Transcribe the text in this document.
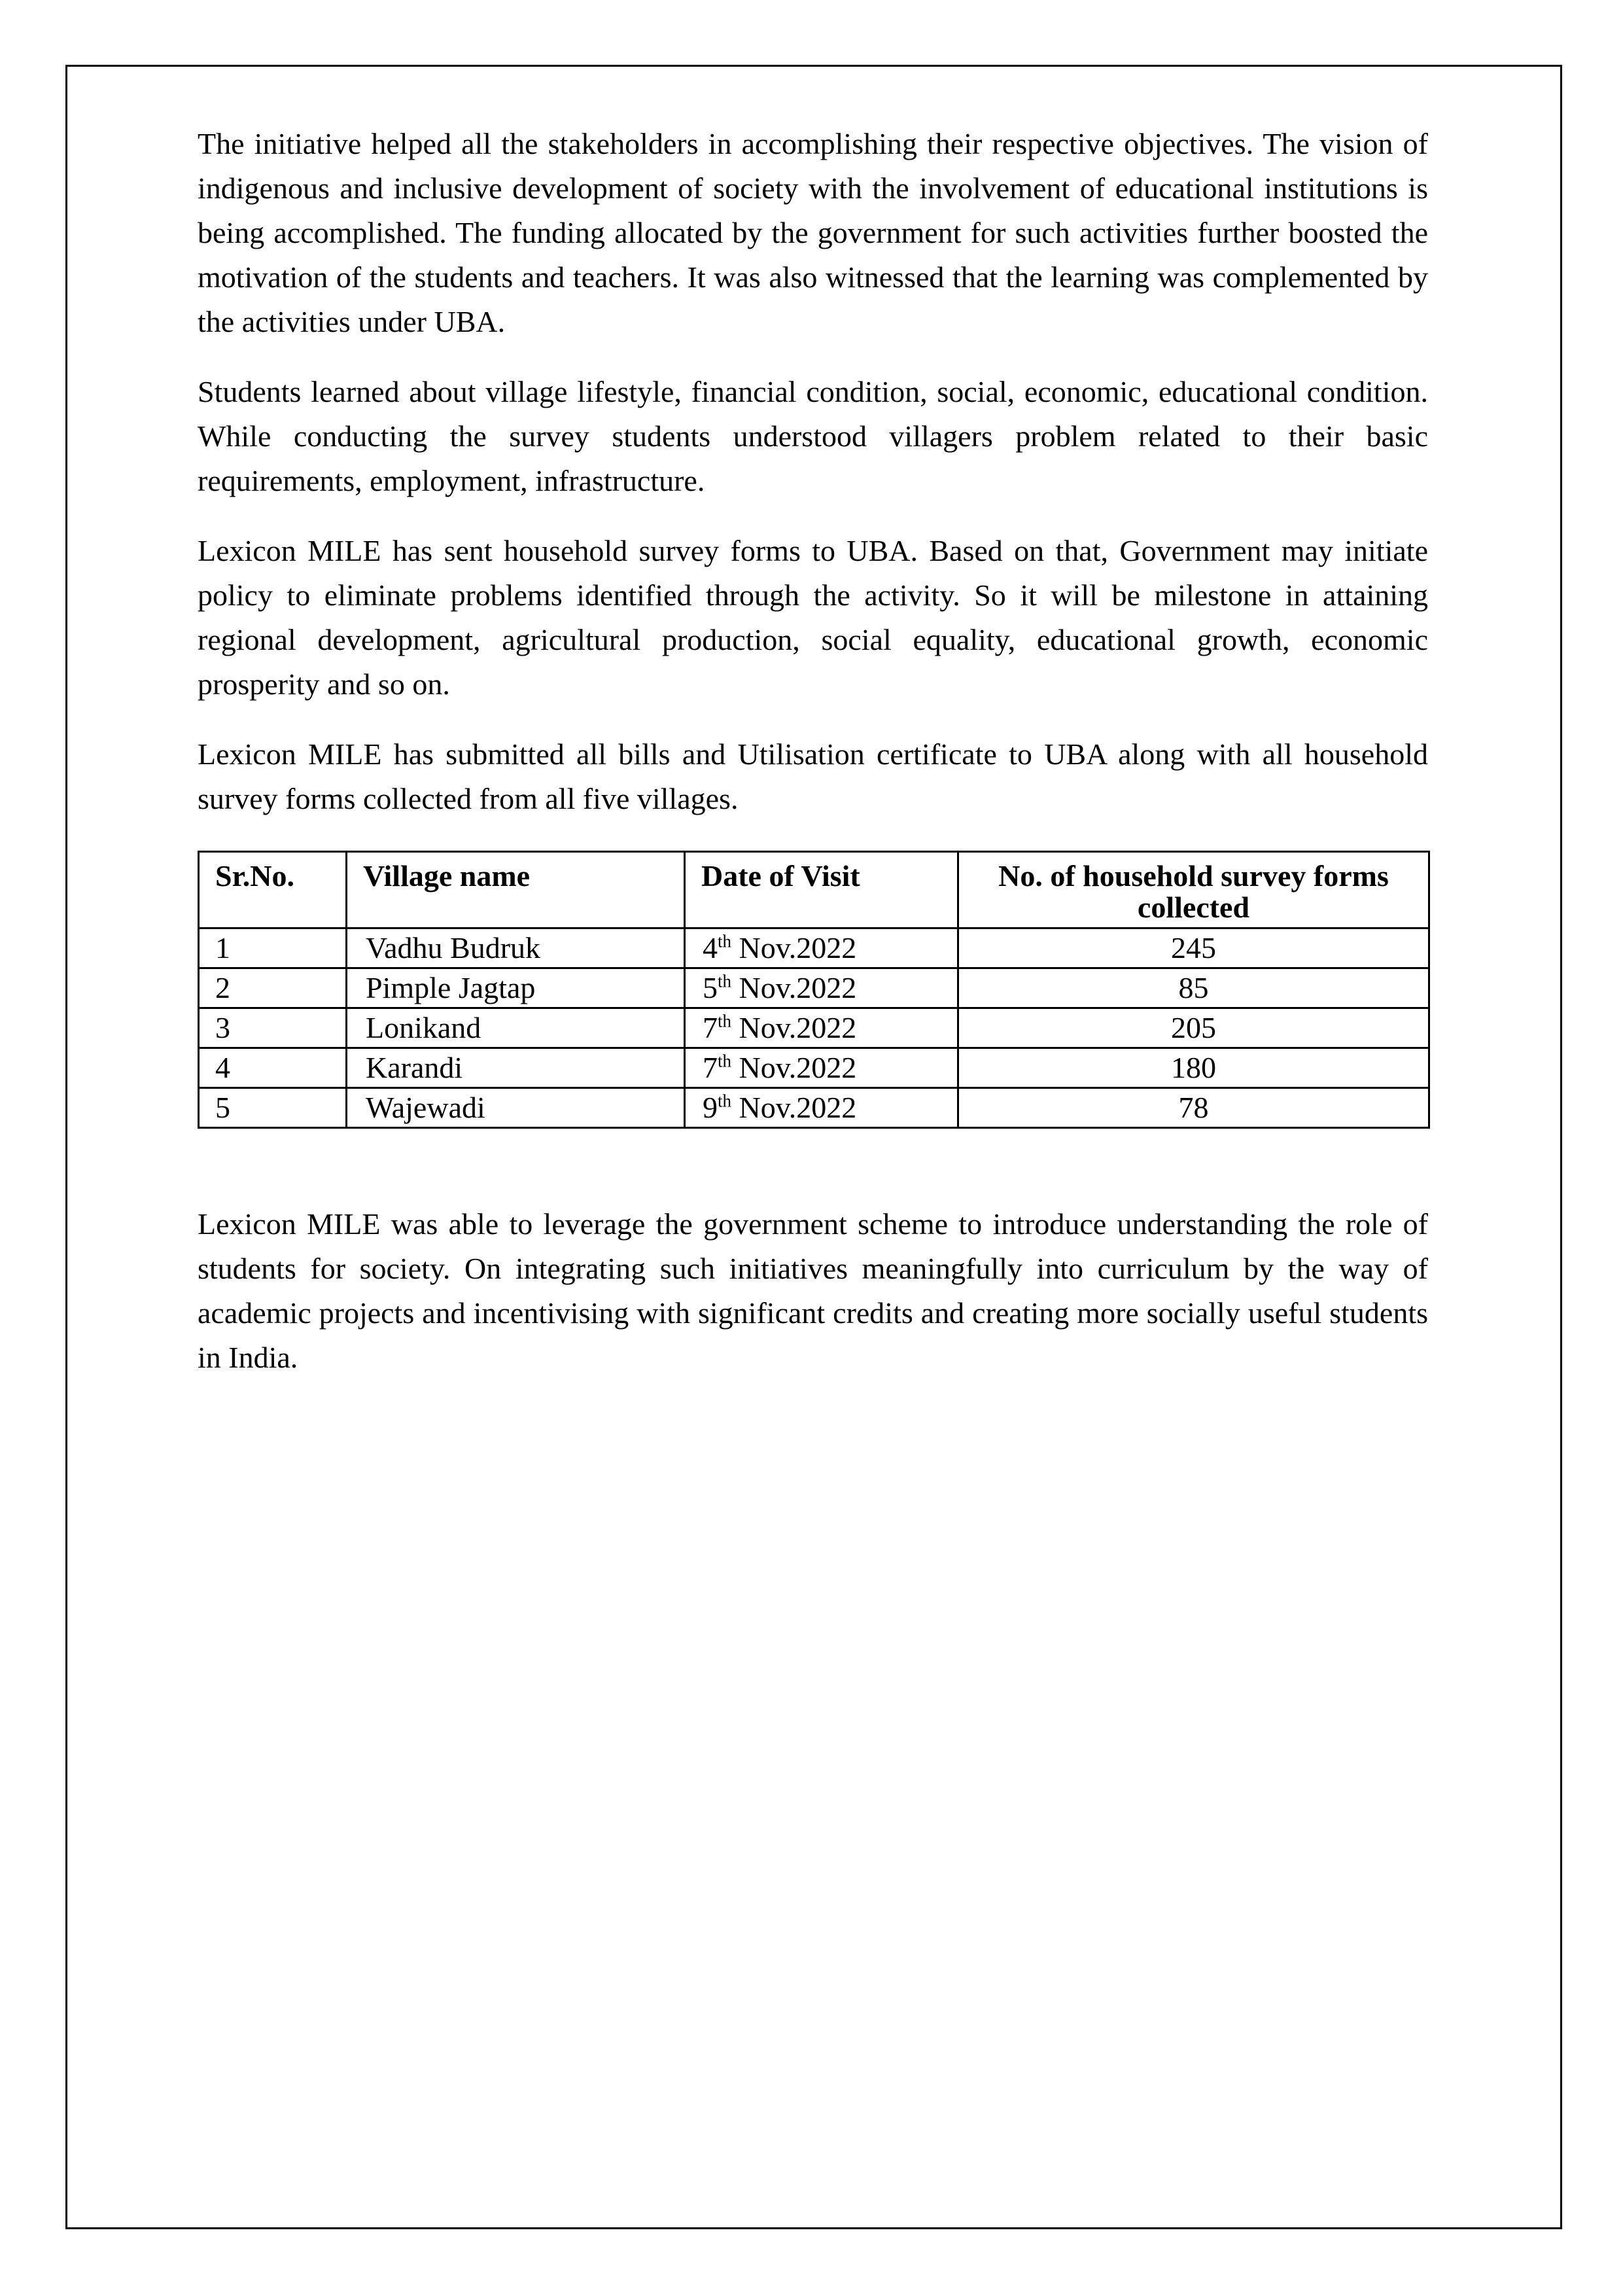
The initiative helped all the stakeholders in accomplishing their respective objectives. The vision of indigenous and inclusive development of society with the involvement of educational institutions is being accomplished. The funding allocated by the government for such activities further boosted the motivation of the students and teachers. It was also witnessed that the learning was complemented by the activities under UBA.

Students learned about village lifestyle, financial condition, social, economic, educational condition. While conducting the survey students understood villagers problem related to their basic requirements, employment, infrastructure.

Lexicon MILE has sent household survey forms to UBA. Based on that, Government may initiate policy to eliminate problems identified through the activity. So it will be milestone in attaining regional development, agricultural production, social equality, educational growth, economic prosperity and so on.

Lexicon MILE has submitted all bills and Utilisation certificate to UBA along with all household survey forms collected from all five villages.

Sr.No.	Village name	Date of Visit	No. of household survey forms collected
1	Vadhu Budruk	4th Nov.2022	245
2	Pimple Jagtap	5th Nov.2022	85
3	Lonikand	7th Nov.2022	205
4	Karandi	7th Nov.2022	180
5	Wajewadi	9th Nov.2022	78

Lexicon MILE was able to leverage the government scheme to introduce understanding the role of students for society. On integrating such initiatives meaningfully into curriculum by the way of academic projects and incentivising with significant credits and creating more socially useful students in India.
